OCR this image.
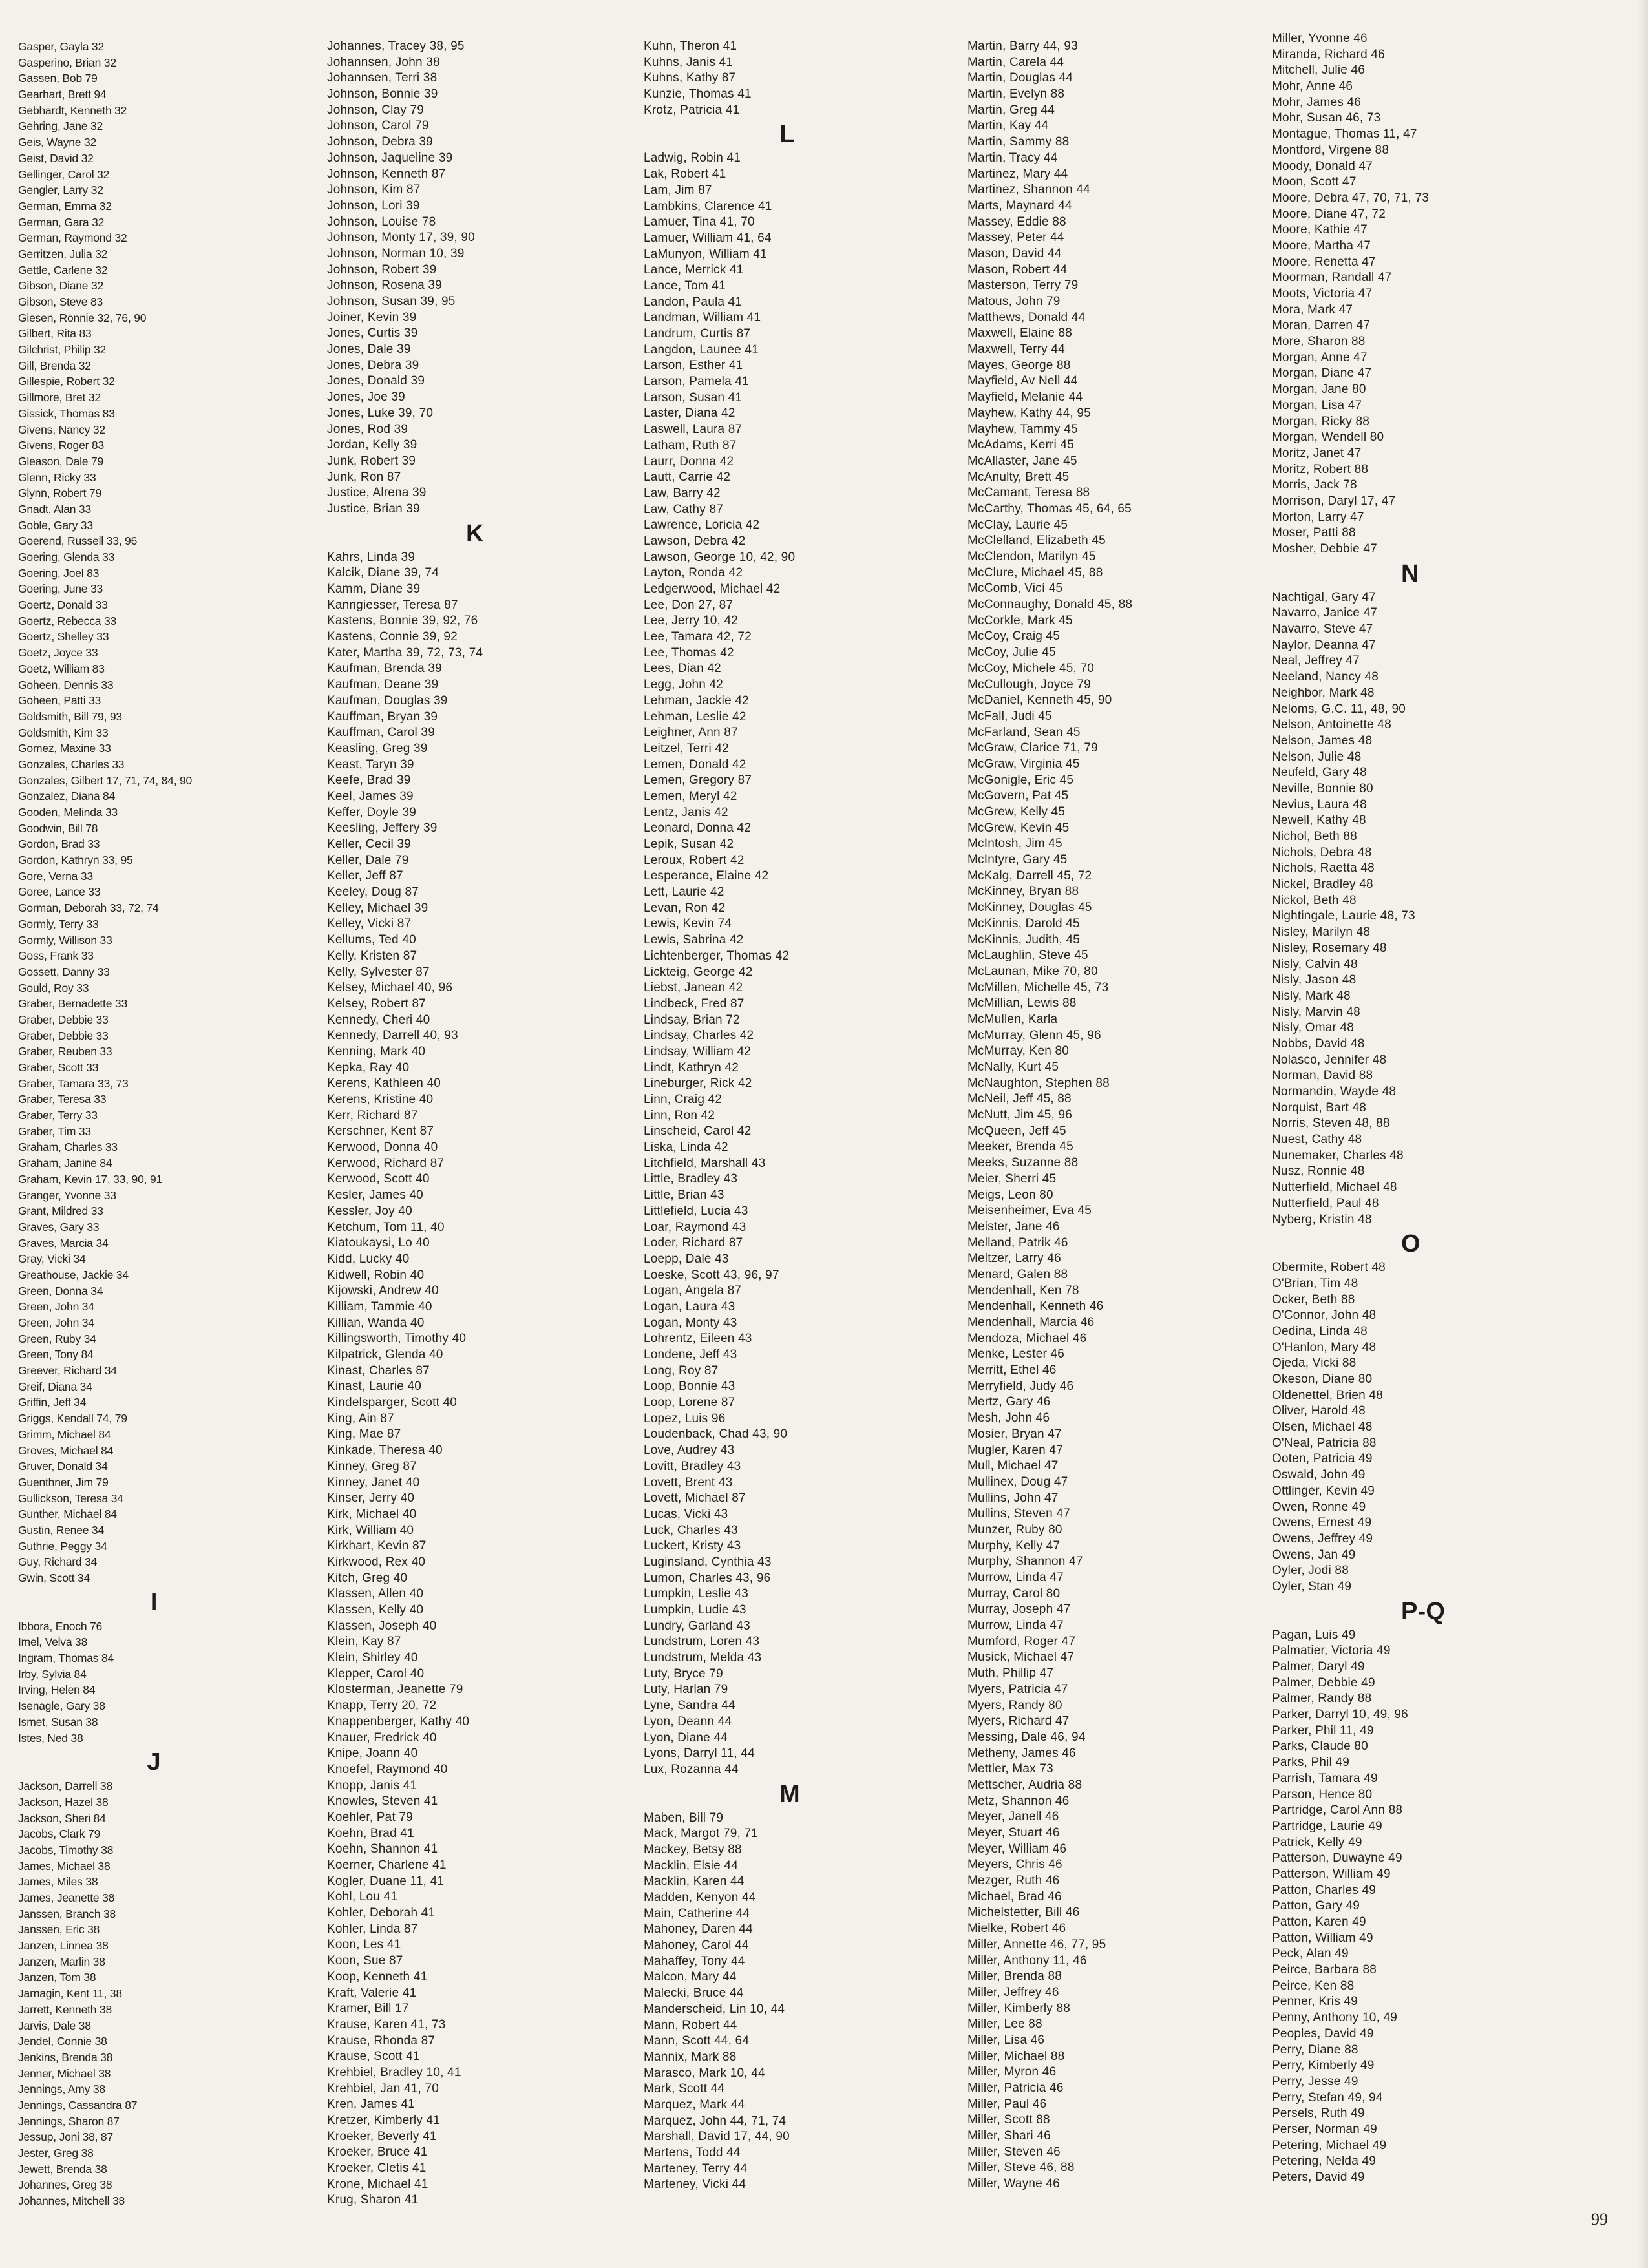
Gasper, Gayla 32
Gasperino, Brian 32
Gassen, Bob 79
Gearhart, Brett 94
Gebhardt, Kenneth 32
Gehring, Jane 32
Geis, Wayne 32
Geist, David 32
Gellinger, Carol 32
Gengler, Larry 32
German, Emma 32
German, Gara 32
German, Raymond 32
Gerritzen, Julia 32
Gettle, Carlene 32
Gibson, Diane 32
Gibson, Steve 83
Giesen, Ronnie 32, 76, 90
Gilbert, Rita 83
Gilchrist, Philip 32
Gill, Brenda 32
Gillespie, Robert 32
Gillmore, Bret 32
Gissick, Thomas 83
Givens, Nancy 32
Givens, Roger 83
Gleason, Dale 79
Glenn, Ricky 33
Glynn, Robert 79
Gnadt, Alan 33
Goble, Gary 33
Goerend, Russell 33, 96
Goering, Glenda 33
Goering, Joel 83
Goering, June 33
Goertz, Donald 33
Goertz, Rebecca 33
Goertz, Shelley 33
Goetz, Joyce 33
Goetz, William 83
Goheen, Dennis 33
Goheen, Patti 33
Goldsmith, Bill 79, 93
Goldsmith, Kim 33
Gomez, Maxine 33
Gonzales, Charles 33
Gonzales, Gilbert 17, 71, 74, 84, 90
Gonzalez, Diana 84
Gooden, Melinda 33
Goodwin, Bill 78
Gordon, Brad 33
Gordon, Kathryn 33, 95
Gore, Verna 33
Goree, Lance 33
Gorman, Deborah 33, 72, 74
Gormly, Terry 33
Gormly, Willison 33
Goss, Frank 33
Gossett, Danny 33
Gould, Roy 33
Graber, Bernadette 33
Graber, Debbie 33
Graber, Debbie 33
Graber, Reuben 33
Graber, Scott 33
Graber, Tamara 33, 73
Graber, Teresa 33
Graber, Terry 33
Graber, Tim 33
Graham, Charles 33
Graham, Janine 84
Graham, Kevin 17, 33, 90, 91
Granger, Yvonne 33
Grant, Mildred 33
Graves, Gary 33
Graves, Marcia 34
Gray, Vicki 34
Greathouse, Jackie 34
Green, Donna 34
Green, John 34
Green, John 34
Green, Ruby 34
Green, Tony 84
Greever, Richard 34
Greif, Diana 34
Griffin, Jeff 34
Griggs, Kendall 74, 79
Grimm, Michael 84
Groves, Michael 84
Gruver, Donald 34
Guenthner, Jim 79
Gullickson, Teresa 34
Gunther, Michael 84
Gustin, Renee 34
Guthrie, Peggy 34
Guy, Richard 34
Gwin, Scott 34
I
Ibbora, Enoch 76
Imel, Velva 38
Ingram, Thomas 84
Irby, Sylvia 84
Irving, Helen 84
Isenagle, Gary 38
Ismet, Susan 38
Istes, Ned 38
J
Jackson, Darrell 38
Jackson, Hazel 38
Jackson, Sheri 84
Jacobs, Clark 79
Jacobs, Timothy 38
James, Michael 38
James, Miles 38
James, Jeanette 38
Janssen, Branch 38
Janssen, Eric 38
Janzen, Linnea 38
Janzen, Marlin 38
Janzen, Tom 38
Jarnagin, Kent 11, 38
Jarrett, Kenneth 38
Jarvis, Dale 38
Jendel, Connie 38
Jenkins, Brenda 38
Jenner, Michael 38
Jennings, Amy 38
Jennings, Cassandra 87
Jennings, Sharon 87
Jessup, Joni 38, 87
Jester, Greg 38
Jewett, Brenda 38
Johannes, Greg 38
Johannes, Mitchell 38
Johannes, Tracey 38, 95
Johannsen, John 38
Johannsen, Terri 38
Johnson, Bonnie 39
Johnson, Clay 79
Johnson, Carol 79
Johnson, Debra 39
Johnson, Jaqueline 39
Johnson, Kenneth 87
Johnson, Kim 87
Johnson, Lori 39
Johnson, Louise 78
Johnson, Monty 17, 39, 90
Johnson, Norman 10, 39
Johnson, Robert 39
Johnson, Rosena 39
Johnson, Susan 39, 95
Joiner, Kevin 39
Jones, Curtis 39
Jones, Dale 39
Jones, Debra 39
Jones, Donald 39
Jones, Joe 39
Jones, Luke 39, 70
Jones, Rod 39
Jordan, Kelly 39
Junk, Robert 39
Junk, Ron 87
Justice, Alrena 39
Justice, Brian 39
K
Kahrs, Linda 39
Kalcik, Diane 39, 74
Kamm, Diane 39
Kanngiesser, Teresa 87
Kastens, Bonnie 39, 92, 76
Kastens, Connie 39, 92
Kater, Martha 39, 72, 73, 74
Kaufman, Brenda 39
Kaufman, Deane 39
Kaufman, Douglas 39
Kauffman, Bryan 39
Kauffman, Carol 39
Keasling, Greg 39
Keast, Taryn 39
Keefe, Brad 39
Keel, James 39
Keffer, Doyle 39
Keesling, Jeffery 39
Keller, Cecil 39
Keller, Dale 79
Keller, Jeff 87
Keeley, Doug 87
Kelley, Michael 39
Kelley, Vicki 87
Kellums, Ted 40
Kelly, Kristen 87
Kelly, Sylvester 87
Kelsey, Michael 40, 96
Kelsey, Robert 87
Kennedy, Cheri 40
Kennedy, Darrell 40, 93
Kenning, Mark 40
Kepka, Ray 40
Kerens, Kathleen 40
Kerens, Kristine 40
Kerr, Richard 87
Kerschner, Kent 87
Kerwood, Donna 40
Kerwood, Richard 87
Kerwood, Scott 40
Kesler, James 40
Kessler, Joy 40
Ketchum, Tom 11, 40
Kiatoukaysi, Lo 40
Kidd, Lucky 40
Kidwell, Robin 40
Kijowski, Andrew 40
Killiam, Tammie 40
Killian, Wanda 40
Killingsworth, Timothy 40
Kilpatrick, Glenda 40
Kinast, Charles 87
Kinast, Laurie 40
Kindelsparger, Scott 40
King, Ain 87
King, Mae 87
Kinkade, Theresa 40
Kinney, Greg 87
Kinney, Janet 40
Kinser, Jerry 40
Kirk, Michael 40
Kirk, William 40
Kirkhart, Kevin 87
Kirkwood, Rex 40
Kitch, Greg 40
Klassen, Allen 40
Klassen, Kelly 40
Klassen, Joseph 40
Klein, Kay 87
Klein, Shirley 40
Klepper, Carol 40
Klosterman, Jeanette 79
Knapp, Terry 20, 72
Knappenberger, Kathy 40
Knauer, Fredrick 40
Knipe, Joann 40
Knoefel, Raymond 40
Knopp, Janis 41
Knowles, Steven 41
Koehler, Pat 79
Koehn, Brad 41
Koehn, Shannon 41
Koerner, Charlene 41
Kogler, Duane 11, 41
Kohl, Lou 41
Kohler, Deborah 41
Kohler, Linda 87
Koon, Les 41
Koon, Sue 87
Koop, Kenneth 41
Kraft, Valerie 41
Kramer, Bill 17
Krause, Karen 41, 73
Krause, Rhonda 87
Krause, Scott 41
Krehbiel, Bradley 10, 41
Krehbiel, Jan 41, 70
Kren, James 41
Kretzer, Kimberly 41
Kroeker, Beverly 41
Kroeker, Bruce 41
Kroeker, Cletis 41
Krone, Michael 41
Krug, Sharon 41
Kuhn, Theron 41
Kuhns, Janis 41
Kuhns, Kathy 87
Kunzie, Thomas 41
Krotz, Patricia 41
L
Ladwig, Robin 41
Lak, Robert 41
Lam, Jim 87
Lambkins, Clarence 41
Lamuer, Tina 41, 70
Lamuer, William 41, 64
LaMunyon, William 41
Lance, Merrick 41
Lance, Tom 41
Landon, Paula 41
Landman, William 41
Landrum, Curtis 87
Langdon, Launee 41
Larson, Esther 41
Larson, Pamela 41
Larson, Susan 41
Laster, Diana 42
Laswell, Laura 87
Latham, Ruth 87
Laurr, Donna 42
Lautt, Carrie 42
Law, Barry 42
Law, Cathy 87
Lawrence, Loricia 42
Lawson, Debra 42
Lawson, George 10, 42, 90
Layton, Ronda 42
Ledgerwood, Michael 42
Lee, Don 27, 87
Lee, Jerry 10, 42
Lee, Tamara 42, 72
Lee, Thomas 42
Lees, Dian 42
Legg, John 42
Lehman, Jackie 42
Lehman, Leslie 42
Leighner, Ann 87
Leitzel, Terri 42
Lemen, Donald 42
Lemen, Gregory 87
Lemen, Meryl 42
Lentz, Janis 42
Leonard, Donna 42
Lepik, Susan 42
Leroux, Robert 42
Lesperance, Elaine 42
Lett, Laurie 42
Levan, Ron 42
Lewis, Kevin 74
Lewis, Sabrina 42
Lichtenberger, Thomas 42
Lickteig, George 42
Liebst, Janean 42
Lindbeck, Fred 87
Lindsay, Brian 72
Lindsay, Charles 42
Lindsay, William 42
Lindt, Kathryn 42
Lineburger, Rick 42
Linn, Craig 42
Linn, Ron 42
Linscheid, Carol 42
Liska, Linda 42
Litchfield, Marshall 43
Little, Bradley 43
Little, Brian 43
Littlefield, Lucia 43
Loar, Raymond 43
Loder, Richard 87
Loepp, Dale 43
Loeske, Scott 43, 96, 97
Logan, Angela 87
Logan, Laura 43
Logan, Monty 43
Lohrentz, Eileen 43
Londene, Jeff 43
Long, Roy 87
Loop, Bonnie 43
Loop, Lorene 87
Lopez, Luis 96
Loudenback, Chad 43, 90
Love, Audrey 43
Lovitt, Bradley 43
Lovett, Brent 43
Lovett, Michael 87
Lucas, Vicki 43
Luck, Charles 43
Luckert, Kristy 43
Luginsland, Cynthia 43
Lumon, Charles 43, 96
Lumpkin, Leslie 43
Lumpkin, Ludie 43
Lundry, Garland 43
Lundstrum, Loren 43
Lundstrum, Melda 43
Luty, Bryce 79
Luty, Harlan 79
Lyne, Sandra 44
Lyon, Deann 44
Lyon, Diane 44
Lyons, Darryl 11, 44
Lux, Rozanna 44
M
Maben, Bill 79
Mack, Margot 79, 71
Mackey, Betsy 88
Macklin, Elsie 44
Macklin, Karen 44
Madden, Kenyon 44
Main, Catherine 44
Mahoney, Daren 44
Mahoney, Carol 44
Mahaffey, Tony 44
Malcon, Mary 44
Malecki, Bruce 44
Manderscheid, Lin 10, 44
Mann, Robert 44
Mann, Scott 44, 64
Mannix, Mark 88
Marasco, Mark 10, 44
Mark, Scott 44
Marquez, Mark 44
Marquez, John 44, 71, 74
Marshall, David 17, 44, 90
Martens, Todd 44
Marteney, Terry 44
Marteney, Vicki 44
Martin, Barry 44, 93
Martin, Carela 44
Martin, Douglas 44
Martin, Evelyn 88
Martin, Greg 44
Martin, Kay 44
Martin, Sammy 88
Martin, Tracy 44
Martinez, Mary 44
Martinez, Shannon 44
Marts, Maynard 44
Massey, Eddie 88
Massey, Peter 44
Mason, David 44
Mason, Robert 44
Masterson, Terry 79
Matous, John 79
Matthews, Donald 44
Maxwell, Elaine 88
Maxwell, Terry 44
Mayes, George 88
Mayfield, Av Nell 44
Mayfield, Melanie 44
Mayhew, Kathy 44, 95
Mayhew, Tammy 45
McAdams, Kerri 45
McAllaster, Jane 45
McAnulty, Brett 45
McCamant, Teresa 88
McCarthy, Thomas 45, 64, 65
McClay, Laurie 45
McClelland, Elizabeth 45
McClendon, Marilyn 45
McClure, Michael 45, 88
McComb, Vicí 45
McConnaughy, Donald 45, 88
McCorkle, Mark 45
McCoy, Craig 45
McCoy, Julie 45
McCoy, Michele 45, 70
McCullough, Joyce 79
McDaniel, Kenneth 45, 90
McFall, Judi 45
McFarland, Sean 45
McGraw, Clarice 71, 79
McGraw, Virginia 45
McGonigle, Eric 45
McGovern, Pat 45
McGrew, Kelly 45
McGrew, Kevin 45
McIntosh, Jim 45
McIntyre, Gary 45
McKalg, Darrell 45, 72
McKinney, Bryan 88
McKinney, Douglas 45
McKinnis, Darold 45
McKinnis, Judith, 45
McLaughlin, Steve 45
McLaunan, Mike 70, 80
McMillen, Michelle 45, 73
McMillian, Lewis 88
McMullen, Karla
McMurray, Glenn 45, 96
McMurray, Ken 80
McNally, Kurt 45
McNaughton, Stephen 88
McNeil, Jeff 45, 88
McNutt, Jim 45, 96
McQueen, Jeff 45
Meeker, Brenda 45
Meeks, Suzanne 88
Meier, Sherri 45
Meigs, Leon 80
Meisenheimer, Eva 45
Meister, Jane 46
Melland, Patrik 46
Meltzer, Larry 46
Menard, Galen 88
Mendenhall, Ken 78
Mendenhall, Kenneth 46
Mendenhall, Marcia 46
Mendoza, Michael 46
Menke, Lester 46
Merritt, Ethel 46
Merryfield, Judy 46
Mertz, Gary 46
Mesh, John 46
Mosier, Bryan 47
Mugler, Karen 47
Mull, Michael 47
Mullinex, Doug 47
Mullins, John 47
Mullins, Steven 47
Munzer, Ruby 80
Murphy, Kelly 47
Murphy, Shannon 47
Murrow, Linda 47
Murray, Carol 80
Murray, Joseph 47
Murrow, Linda 47
Mumford, Roger 47
Musick, Michael 47
Muth, Phillip 47
Myers, Patricia 47
Myers, Randy 80
Myers, Richard 47
Messing, Dale 46, 94
Metheny, James 46
Mettler, Max 73
Mettscher, Audria 88
Metz, Shannon 46
Meyer, Janell 46
Meyer, Stuart 46
Meyer, William 46
Meyers, Chris 46
Mezger, Ruth 46
Michael, Brad 46
Michelstetter, Bill 46
Mielke, Robert 46
Miller, Annette 46, 77, 95
Miller, Anthony 11, 46
Miller, Brenda 88
Miller, Jeffrey 46
Miller, Kimberly 88
Miller, Lee 88
Miller, Lisa 46
Miller, Michael 88
Miller, Myron 46
Miller, Patricia 46
Miller, Paul 46
Miller, Scott 88
Miller, Shari 46
Miller, Steven 46
Miller, Steve 46, 88
Miller, Wayne 46
Miller, Yvonne 46
Miranda, Richard 46
Mitchell, Julie 46
Mohr, Anne 46
Mohr, James 46
Mohr, Susan 46, 73
Montague, Thomas 11, 47
Montford, Virgene 88
Moody, Donald 47
Moon, Scott 47
Moore, Debra 47, 70, 71, 73
Moore, Diane 47, 72
Moore, Kathie 47
Moore, Martha 47
Moore, Renetta 47
Moorman, Randall 47
Moots, Victoria 47
Mora, Mark 47
Moran, Darren 47
More, Sharon 88
Morgan, Anne 47
Morgan, Diane 47
Morgan, Jane 80
Morgan, Lisa 47
Morgan, Ricky 88
Morgan, Wendell 80
Moritz, Janet 47
Moritz, Robert 88
Morris, Jack 78
Morrison, Daryl 17, 47
Morton, Larry 47
Moser, Patti 88
Mosher, Debbie 47
N
Nachtigal, Gary 47
Navarro, Janice 47
Navarro, Steve 47
Naylor, Deanna 47
Neal, Jeffrey 47
Neeland, Nancy 48
Neighbor, Mark 48
Neloms, G.C. 11, 48, 90
Nelson, Antoinette 48
Nelson, James 48
Nelson, Julie 48
Neufeld, Gary 48
Neville, Bonnie 80
Nevius, Laura 48
Newell, Kathy 48
Nichol, Beth 88
Nichols, Debra 48
Nichols, Raetta 48
Nickel, Bradley 48
Nickol, Beth 48
Nightingale, Laurie 48, 73
Nisley, Marilyn 48
Nisley, Rosemary 48
Nisly, Calvin 48
Nisly, Jason 48
Nisly, Mark 48
Nisly, Marvin 48
Nisly, Omar 48
Nobbs, David 48
Nolasco, Jennifer 48
Norman, David 88
Normandin, Wayde 48
Norquist, Bart 48
Norris, Steven 48, 88
Nuest, Cathy 48
Nunemaker, Charles 48
Nusz, Ronnie 48
Nutterfield, Michael 48
Nutterfield, Paul 48
Nyberg, Kristin 48
O
Obermite, Robert 48
O'Brian, Tim 48
Ocker, Beth 88
O'Connor, John 48
Oedina, Linda 48
O'Hanlon, Mary 48
Ojeda, Vicki 88
Okeson, Diane 80
Oldenettel, Brien 48
Oliver, Harold 48
Olsen, Michael 48
O'Neal, Patricia 88
Ooten, Patricia 49
Oswald, John 49
Ottlinger, Kevin 49
Owen, Ronne 49
Owens, Ernest 49
Owens, Jeffrey 49
Owens, Jan 49
Oyler, Jodi 88
Oyler, Stan 49
P-Q
Pagan, Luis 49
Palmatier, Victoria 49
Palmer, Daryl 49
Palmer, Debbie 49
Palmer, Randy 88
Parker, Darryl 10, 49, 96
Parker, Phil 11, 49
Parks, Claude 80
Parks, Phil 49
Parrish, Tamara 49
Parson, Hence 80
Partridge, Carol Ann 88
Partridge, Laurie 49
Patrick, Kelly 49
Patterson, Duwayne 49
Patterson, William 49
Patton, Charles 49
Patton, Gary 49
Patton, Karen 49
Patton, William 49
Peck, Alan 49
Peirce, Barbara 88
Peirce, Ken 88
Penner, Kris 49
Penny, Anthony 10, 49
Peoples, David 49
Perry, Diane 88
Perry, Kimberly 49
Perry, Jesse 49
Perry, Stefan 49, 94
Persels, Ruth 49
Perser, Norman 49
Petering, Michael 49
Petering, Nelda 49
Peters, David 49
99
